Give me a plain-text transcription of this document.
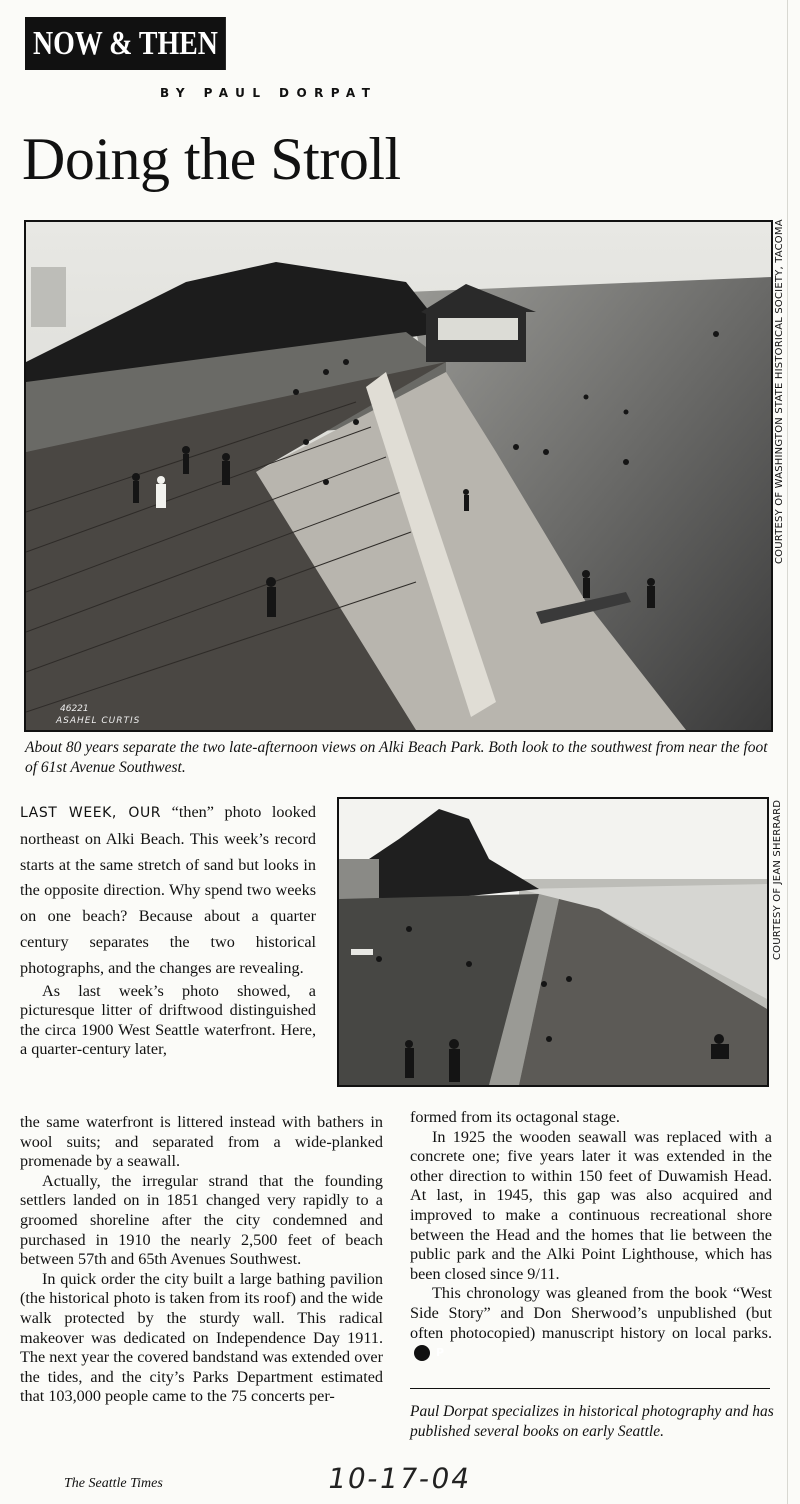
NOW & THEN
BY PAUL DORPAT
Doing the Stroll
46221
ASAHEL CURTIS
COURTESY OF WASHINGTON STATE HISTORICAL SOCIETY, TACOMA
About 80 years separate the two late-afternoon views on Alki Beach Park. Both look to the southwest from near the foot of 61st Avenue Southwest.
COURTESY OF JEAN SHERRARD

LAST WEEK, OUR “then” photo looked northeast on Alki Beach. This week’s record starts at the same stretch of sand but looks in the opposite direction. Why spend two weeks on one beach? Because about a quarter century separates the two historical photographs, and the changes are revealing.

As last week’s photo showed, a picturesque litter of driftwood distinguished the circa 1900 West Seattle waterfront. Here, a quarter-century later,

the same waterfront is littered instead with bathers in wool suits; and separated from a wide-planked promenade by a seawall.

Actually, the irregular strand that the founding settlers landed on in 1851 changed very rapidly to a groomed shoreline after the city condemned and purchased in 1910 the nearly 2,500 feet of beach between 57th and 65th Avenues Southwest.

In quick order the city built a large bathing pavilion (the historical photo is taken from its roof) and the wide walk protected by the sturdy wall. This radical makeover was dedicated on Independence Day 1911. The next year the covered bandstand was extended over the tides, and the city’s Parks Department estimated that 103,000 people came to the 75 concerts per-

formed from its octagonal stage.

In 1925 the wooden seawall was replaced with a concrete one; five years later it was extended in the other direction to within 150 feet of Duwamish Head. At last, in 1945, this gap was also acquired and improved to make a continuous recreational shore between the Head and the homes that lie between the public park and the Alki Point Lighthouse, which has been closed since 9/11.

This chronology was gleaned from the book “West Side Story” and Don Sherwood’s unpublished (but often photocopied) manuscript history on local parks.P

Paul Dorpat specializes in historical photography and has published several books on early Seattle.
The Seattle Times	10-17-04
